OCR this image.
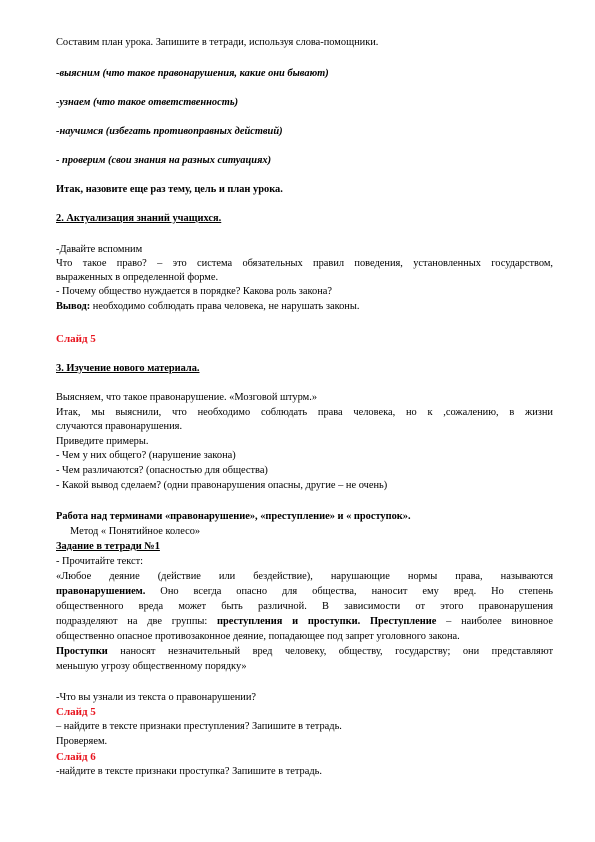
Составим план урока. Запишите в тетради, используя слова-помощники.
-выясним (что такое правонарушения, какие они бывают)
-узнаем (что такое ответственность)
-научимся (избегать противоправных действий)
- проверим (свои знания на разных ситуациях)
Итак, назовите еще раз тему, цель и план урока.
2. Актуализация знаний учащихся.
-Давайте вспомним
Что такое право? – это система обязательных правил поведения, установленных государством,
выраженных в определенной форме.
- Почему общество нуждается в порядке? Какова роль закона?
Вывод: необходимо соблюдать права человека, не нарушать законы.
Слайд 5
3. Изучение нового материала.
Выясняем, что такое правонарушение. «Мозговой штурм.»
Итак, мы выяснили, что необходимо соблюдать права человека, но к ,сожалению, в жизни
случаются правонарушения.
Приведите примеры.
- Чем у них общего? (нарушение закона)
- Чем различаются? (опасностью для общества)
- Какой вывод сделаем? (одни правонарушения опасны, другие – не очень)
Работа над терминами «правонарушение», «преступление» и « проступок».
Метод « Понятийное колесо»
Задание в тетради №1
- Прочитайте текст:
«Любое деяние (действие или бездействие), нарушающие нормы права, называются
правонарушением. Оно всегда опасно для общества, наносит ему вред. Но степень
общественного вреда может быть различной. В зависимости от этого правонарушения
подразделяют на две группы: преступления и проступки. Преступление – наиболее виновное
общественно опасное противозаконное деяние, попадающее под запрет уголовного закона.
Проступки наносят незначительный вред человеку, обществу, государству; они представляют
меньшую угрозу общественному порядку»
-Что вы узнали из текста о правонарушении?
Слайд 5
– найдите в тексте признаки преступления? Запишите в тетрадь.
Проверяем.
Слайд 6
-найдите в тексте признаки проступка? Запишите в тетрадь.
